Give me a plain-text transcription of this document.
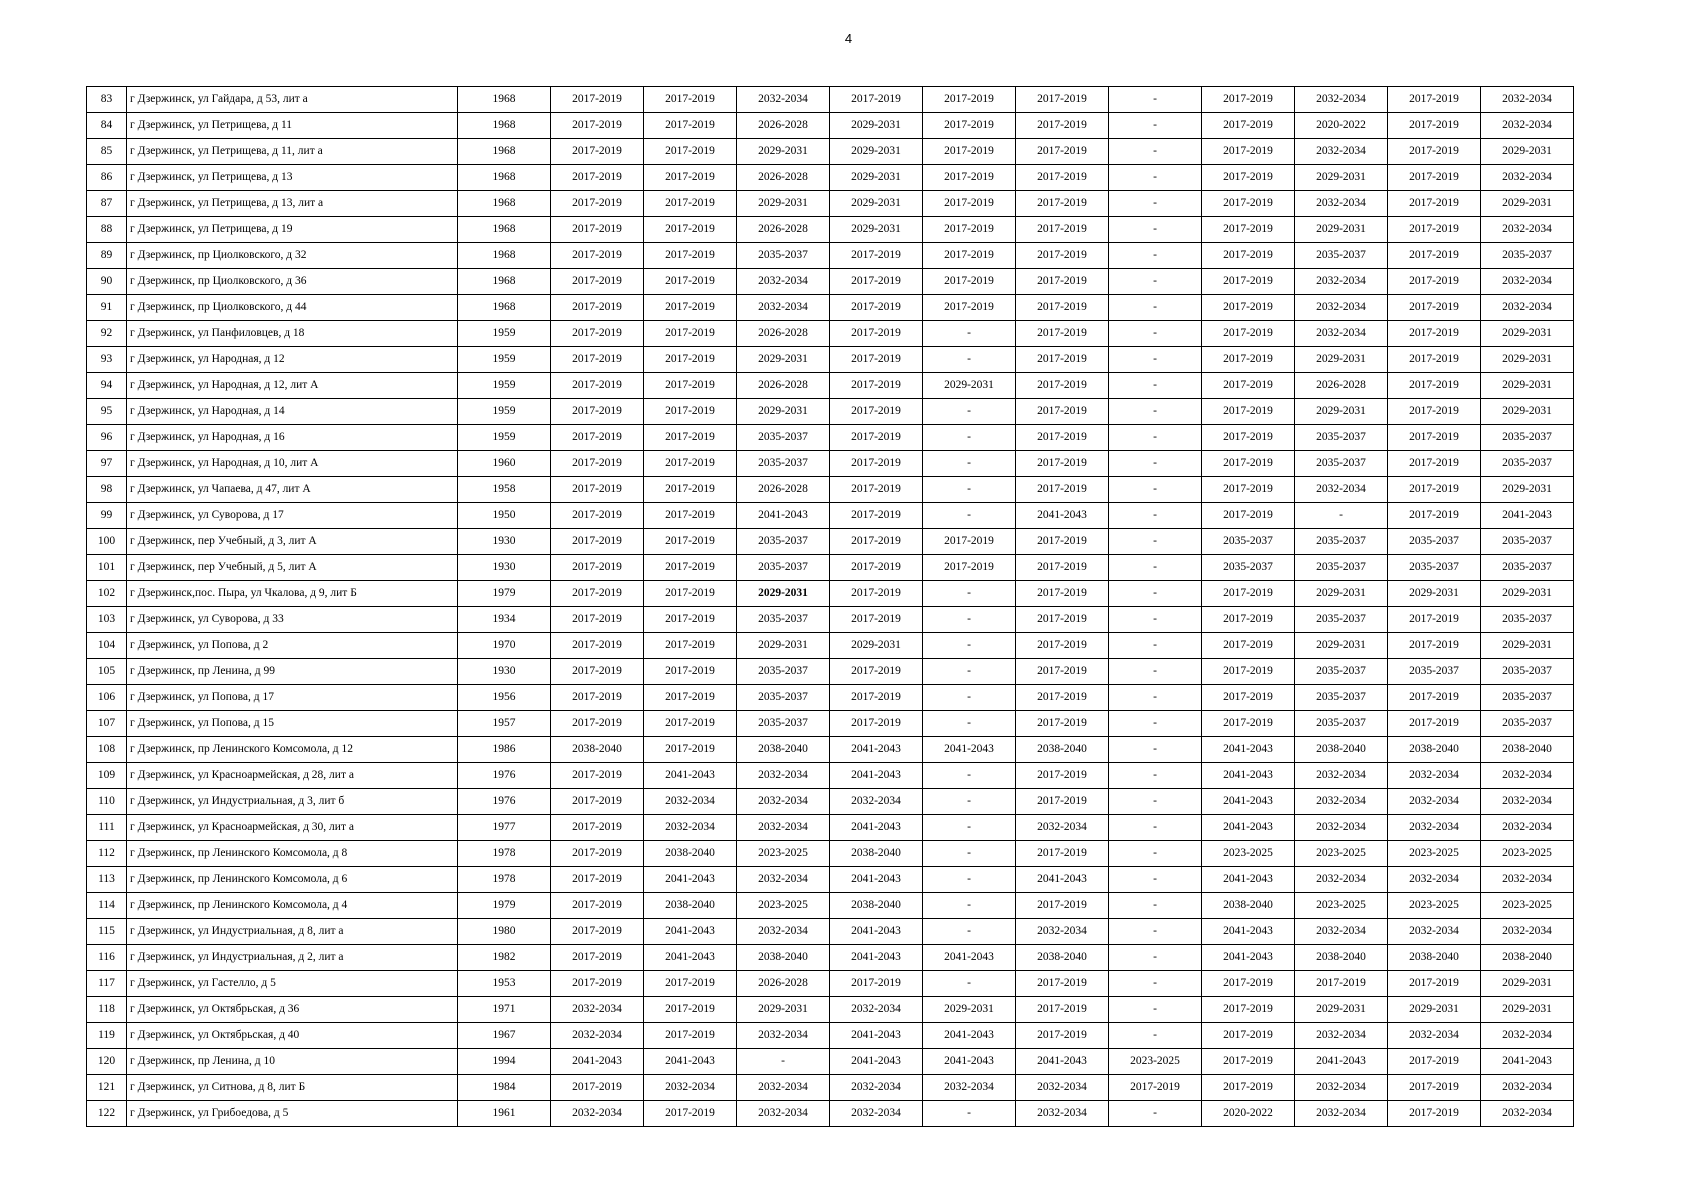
4
83	г Дзержинск, ул Гайдара, д 53, лит а	1968	2017-2019	2017-2019	2032-2034	2017-2019	2017-2019	2017-2019	-	2017-2019	2032-2034	2017-2019	2032-2034
84	г Дзержинск, ул Петрищева, д 11	1968	2017-2019	2017-2019	2026-2028	2029-2031	2017-2019	2017-2019	-	2017-2019	2020-2022	2017-2019	2032-2034
85	г Дзержинск, ул Петрищева, д 11, лит а	1968	2017-2019	2017-2019	2029-2031	2029-2031	2017-2019	2017-2019	-	2017-2019	2032-2034	2017-2019	2029-2031
86	г Дзержинск, ул Петрищева, д 13	1968	2017-2019	2017-2019	2026-2028	2029-2031	2017-2019	2017-2019	-	2017-2019	2029-2031	2017-2019	2032-2034
87	г Дзержинск, ул Петрищева, д 13, лит а	1968	2017-2019	2017-2019	2029-2031	2029-2031	2017-2019	2017-2019	-	2017-2019	2032-2034	2017-2019	2029-2031
88	г Дзержинск, ул Петрищева, д 19	1968	2017-2019	2017-2019	2026-2028	2029-2031	2017-2019	2017-2019	-	2017-2019	2029-2031	2017-2019	2032-2034
89	г Дзержинск, пр Циолковского, д 32	1968	2017-2019	2017-2019	2035-2037	2017-2019	2017-2019	2017-2019	-	2017-2019	2035-2037	2017-2019	2035-2037
90	г Дзержинск, пр Циолковского, д 36	1968	2017-2019	2017-2019	2032-2034	2017-2019	2017-2019	2017-2019	-	2017-2019	2032-2034	2017-2019	2032-2034
91	г Дзержинск, пр Циолковского, д 44	1968	2017-2019	2017-2019	2032-2034	2017-2019	2017-2019	2017-2019	-	2017-2019	2032-2034	2017-2019	2032-2034
92	г Дзержинск, ул Панфиловцев, д 18	1959	2017-2019	2017-2019	2026-2028	2017-2019	-	2017-2019	-	2017-2019	2032-2034	2017-2019	2029-2031
93	г Дзержинск, ул Народная, д 12	1959	2017-2019	2017-2019	2029-2031	2017-2019	-	2017-2019	-	2017-2019	2029-2031	2017-2019	2029-2031
94	г Дзержинск, ул Народная, д 12, лит А	1959	2017-2019	2017-2019	2026-2028	2017-2019	2029-2031	2017-2019	-	2017-2019	2026-2028	2017-2019	2029-2031
95	г Дзержинск, ул Народная, д 14	1959	2017-2019	2017-2019	2029-2031	2017-2019	-	2017-2019	-	2017-2019	2029-2031	2017-2019	2029-2031
96	г Дзержинск, ул Народная, д 16	1959	2017-2019	2017-2019	2035-2037	2017-2019	-	2017-2019	-	2017-2019	2035-2037	2017-2019	2035-2037
97	г Дзержинск, ул Народная, д 10, лит А	1960	2017-2019	2017-2019	2035-2037	2017-2019	-	2017-2019	-	2017-2019	2035-2037	2017-2019	2035-2037
98	г Дзержинск, ул Чапаева, д 47, лит А	1958	2017-2019	2017-2019	2026-2028	2017-2019	-	2017-2019	-	2017-2019	2032-2034	2017-2019	2029-2031
99	г Дзержинск, ул Суворова, д 17	1950	2017-2019	2017-2019	2041-2043	2017-2019	-	2041-2043	-	2017-2019	-	2017-2019	2041-2043
100	г Дзержинск, пер Учебный, д 3, лит А	1930	2017-2019	2017-2019	2035-2037	2017-2019	2017-2019	2017-2019	-	2035-2037	2035-2037	2035-2037	2035-2037
101	г Дзержинск, пер Учебный, д 5, лит А	1930	2017-2019	2017-2019	2035-2037	2017-2019	2017-2019	2017-2019	-	2035-2037	2035-2037	2035-2037	2035-2037
102	г Дзержинск,пос. Пыра, ул Чкалова, д 9, лит Б	1979	2017-2019	2017-2019	2029-2031	2017-2019	-	2017-2019	-	2017-2019	2029-2031	2029-2031	2029-2031
103	г Дзержинск, ул Суворова, д 33	1934	2017-2019	2017-2019	2035-2037	2017-2019	-	2017-2019	-	2017-2019	2035-2037	2017-2019	2035-2037
104	г Дзержинск, ул Попова, д 2	1970	2017-2019	2017-2019	2029-2031	2029-2031	-	2017-2019	-	2017-2019	2029-2031	2017-2019	2029-2031
105	г Дзержинск, пр Ленина, д 99	1930	2017-2019	2017-2019	2035-2037	2017-2019	-	2017-2019	-	2017-2019	2035-2037	2035-2037	2035-2037
106	г Дзержинск, ул Попова, д 17	1956	2017-2019	2017-2019	2035-2037	2017-2019	-	2017-2019	-	2017-2019	2035-2037	2017-2019	2035-2037
107	г Дзержинск, ул Попова, д 15	1957	2017-2019	2017-2019	2035-2037	2017-2019	-	2017-2019	-	2017-2019	2035-2037	2017-2019	2035-2037
108	г Дзержинск, пр Ленинского Комсомола, д 12	1986	2038-2040	2017-2019	2038-2040	2041-2043	2041-2043	2038-2040	-	2041-2043	2038-2040	2038-2040	2038-2040
109	г Дзержинск, ул Красноармейская, д 28, лит а	1976	2017-2019	2041-2043	2032-2034	2041-2043	-	2017-2019	-	2041-2043	2032-2034	2032-2034	2032-2034
110	г Дзержинск, ул Индустриальная, д 3, лит б	1976	2017-2019	2032-2034	2032-2034	2032-2034	-	2017-2019	-	2041-2043	2032-2034	2032-2034	2032-2034
111	г Дзержинск, ул Красноармейская, д 30, лит а	1977	2017-2019	2032-2034	2032-2034	2041-2043	-	2032-2034	-	2041-2043	2032-2034	2032-2034	2032-2034
112	г Дзержинск, пр Ленинского Комсомола, д 8	1978	2017-2019	2038-2040	2023-2025	2038-2040	-	2017-2019	-	2023-2025	2023-2025	2023-2025	2023-2025
113	г Дзержинск, пр Ленинского Комсомола, д 6	1978	2017-2019	2041-2043	2032-2034	2041-2043	-	2041-2043	-	2041-2043	2032-2034	2032-2034	2032-2034
114	г Дзержинск, пр Ленинского Комсомола, д 4	1979	2017-2019	2038-2040	2023-2025	2038-2040	-	2017-2019	-	2038-2040	2023-2025	2023-2025	2023-2025
115	г Дзержинск, ул Индустриальная, д 8, лит а	1980	2017-2019	2041-2043	2032-2034	2041-2043	-	2032-2034	-	2041-2043	2032-2034	2032-2034	2032-2034
116	г Дзержинск, ул Индустриальная, д 2, лит а	1982	2017-2019	2041-2043	2038-2040	2041-2043	2041-2043	2038-2040	-	2041-2043	2038-2040	2038-2040	2038-2040
117	г Дзержинск, ул Гастелло, д 5	1953	2017-2019	2017-2019	2026-2028	2017-2019	-	2017-2019	-	2017-2019	2017-2019	2017-2019	2029-2031
118	г Дзержинск, ул Октябрьская, д 36	1971	2032-2034	2017-2019	2029-2031	2032-2034	2029-2031	2017-2019	-	2017-2019	2029-2031	2029-2031	2029-2031
119	г Дзержинск, ул Октябрьская, д 40	1967	2032-2034	2017-2019	2032-2034	2041-2043	2041-2043	2017-2019	-	2017-2019	2032-2034	2032-2034	2032-2034
120	г Дзержинск, пр Ленина, д 10	1994	2041-2043	2041-2043	-	2041-2043	2041-2043	2041-2043	2023-2025	2017-2019	2041-2043	2017-2019	2041-2043
121	г Дзержинск, ул Ситнова, д 8, лит Б	1984	2017-2019	2032-2034	2032-2034	2032-2034	2032-2034	2032-2034	2017-2019	2017-2019	2032-2034	2017-2019	2032-2034
122	г Дзержинск, ул Грибоедова, д 5	1961	2032-2034	2017-2019	2032-2034	2032-2034	-	2032-2034	-	2020-2022	2032-2034	2017-2019	2032-2034
